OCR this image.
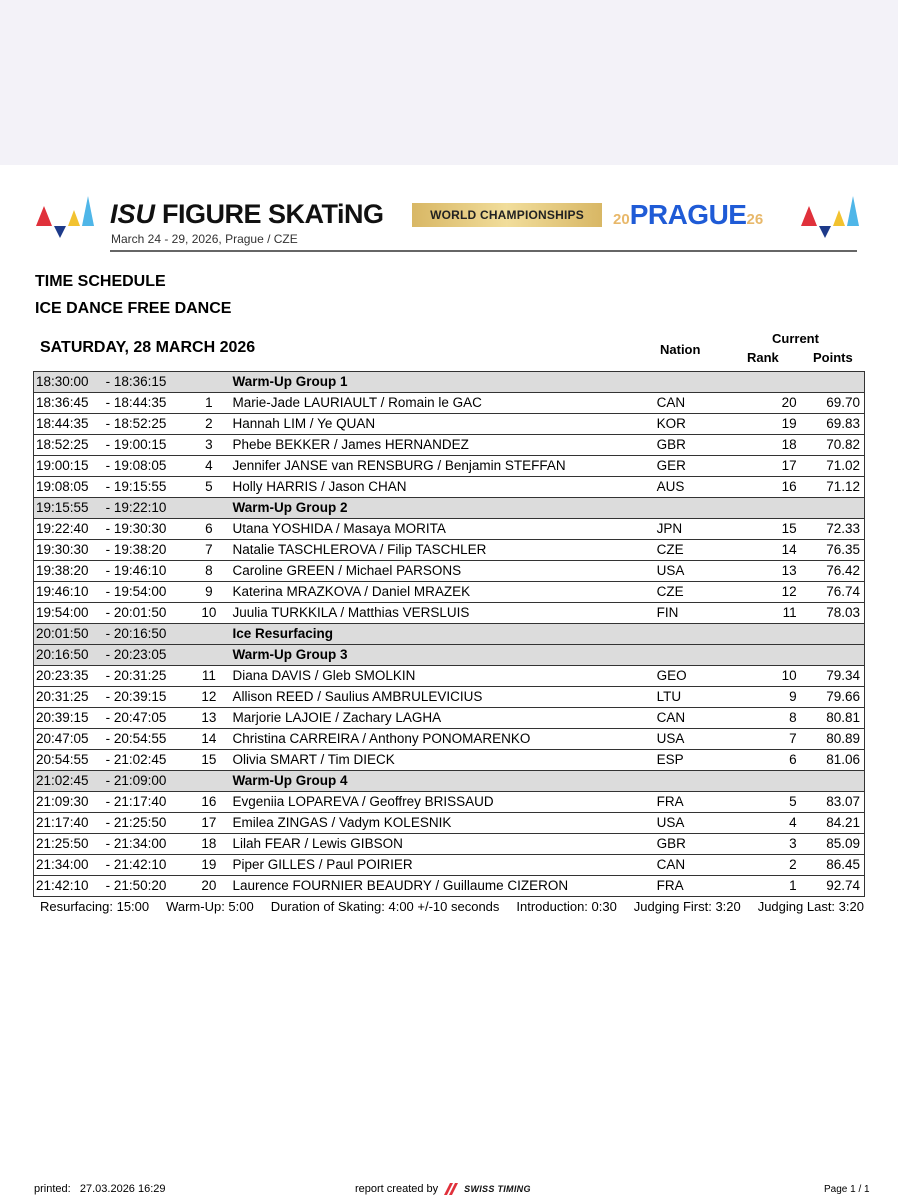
ISU FIGURE SKATiNG
March 24 - 29, 2026, Prague / CZE
WORLD CHAMPIONSHIPS	20PRAGUE26
TIME SCHEDULE
ICE DANCE FREE DANCE
SATURDAY, 28 MARCH 2026	Nation
Current
Rank	Points
18:30:00	- 18:36:15		Warm-Up Group 1			
18:36:45	- 18:44:35	1	Marie-Jade LAURIAULT / Romain le GAC	CAN	20	69.70
18:44:35	- 18:52:25	2	Hannah LIM / Ye QUAN	KOR	19	69.83
18:52:25	- 19:00:15	3	Phebe BEKKER / James HERNANDEZ	GBR	18	70.82
19:00:15	- 19:08:05	4	Jennifer JANSE van RENSBURG / Benjamin STEFFAN	GER	17	71.02
19:08:05	- 19:15:55	5	Holly HARRIS / Jason CHAN	AUS	16	71.12
19:15:55	- 19:22:10		Warm-Up Group 2			
19:22:40	- 19:30:30	6	Utana YOSHIDA / Masaya MORITA	JPN	15	72.33
19:30:30	- 19:38:20	7	Natalie TASCHLEROVA / Filip TASCHLER	CZE	14	76.35
19:38:20	- 19:46:10	8	Caroline GREEN / Michael PARSONS	USA	13	76.42
19:46:10	- 19:54:00	9	Katerina MRAZKOVA / Daniel MRAZEK	CZE	12	76.74
19:54:00	- 20:01:50	10	Juulia TURKKILA / Matthias VERSLUIS	FIN	11	78.03
20:01:50	- 20:16:50		Ice Resurfacing			
20:16:50	- 20:23:05		Warm-Up Group 3			
20:23:35	- 20:31:25	11	Diana DAVIS / Gleb SMOLKIN	GEO	10	79.34
20:31:25	- 20:39:15	12	Allison REED / Saulius AMBRULEVICIUS	LTU	9	79.66
20:39:15	- 20:47:05	13	Marjorie LAJOIE / Zachary LAGHA	CAN	8	80.81
20:47:05	- 20:54:55	14	Christina CARREIRA / Anthony PONOMARENKO	USA	7	80.89
20:54:55	- 21:02:45	15	Olivia SMART / Tim DIECK	ESP	6	81.06
21:02:45	- 21:09:00		Warm-Up Group 4			
21:09:30	- 21:17:40	16	Evgeniia LOPAREVA / Geoffrey BRISSAUD	FRA	5	83.07
21:17:40	- 21:25:50	17	Emilea ZINGAS / Vadym KOLESNIK	USA	4	84.21
21:25:50	- 21:34:00	18	Lilah FEAR / Lewis GIBSON	GBR	3	85.09
21:34:00	- 21:42:10	19	Piper GILLES / Paul POIRIER	CAN	2	86.45
21:42:10	- 21:50:20	20	Laurence FOURNIER BEAUDRY / Guillaume CIZERON	FRA	1	92.74
Resurfacing: 15:00 Warm-Up: 5:00 Duration of Skating: 4:00 +/-10 seconds Introduction: 0:30 Judging First: 3:20 Judging Last: 3:20
printed: 27.03.2026 16:29	report created by	SWISS TIMING	Page 1 / 1
